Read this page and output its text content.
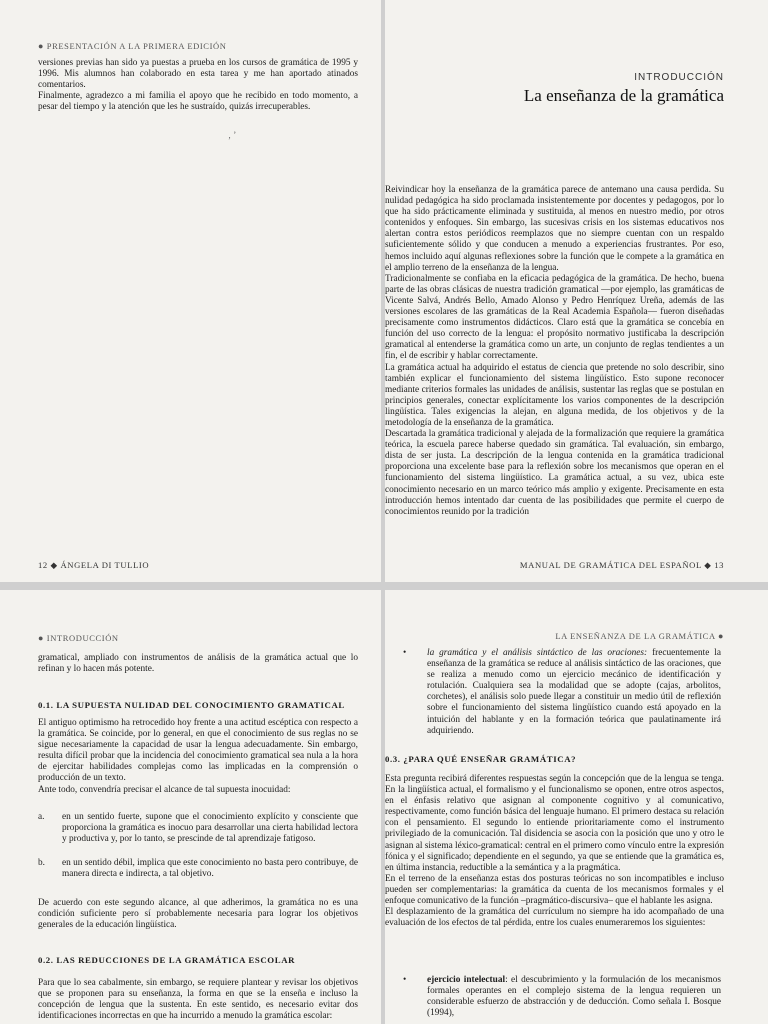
● PRESENTACIÓN A LA PRIMERA EDICIÓN

versiones previas han sido ya puestas a prueba en los cursos de gramática de 1995 y 1996. Mis alumnos han colaborado en esta tarea y me han aportado atinados comentarios.

Finalmente, agradezco a mi familia el apoyo que he recibido en todo momento, a pesar del tiempo y la atención que les he sustraído, quizás irrecuperables.

‚ ’
12 ◆ ÁNGELA DI TULLIO
INTRODUCCIÓN
La enseñanza de la gramática

Reivindicar hoy la enseñanza de la gramática parece de antemano una causa perdida. Su nulidad pedagógica ha sido proclamada insistentemente por docentes y pedagogos, por lo que ha sido prácticamente eliminada y sustituida, al menos en nuestro medio, por otros contenidos y enfoques. Sin embargo, las sucesivas crisis en los sistemas educativos nos alertan contra estos periódicos reemplazos que no siempre cuentan con un respaldo suficientemente sólido y que conducen a menudo a experiencias frustrantes. Por eso, hemos incluido aquí algunas reflexiones sobre la función que le compete a la gramática en el amplio terreno de la enseñanza de la lengua.

Tradicionalmente se confiaba en la eficacia pedagógica de la gramática. De hecho, buena parte de las obras clásicas de nuestra tradición gramatical —por ejemplo, las gramáticas de Vicente Salvá, Andrés Bello, Amado Alonso y Pedro Henríquez Ureña, además de las versiones escolares de las gramáticas de la Real Academia Española— fueron diseñadas precisamente como instrumentos didácticos. Claro está que la gramática se concebía en función del uso correcto de la lengua: el propósito normativo justificaba la descripción gramatical al entenderse la gramática como un arte, un conjunto de reglas tendientes a un fin, el de escribir y hablar correctamente.

La gramática actual ha adquirido el estatus de ciencia que pretende no solo describir, sino también explicar el funcionamiento del sistema lingüístico. Esto supone reconocer mediante criterios formales las unidades de análisis, sustentar las reglas que se postulan en principios generales, conectar explícitamente los varios componentes de la descripción lingüística. Tales exigencias la alejan, en alguna medida, de los objetivos y de la metodología de la enseñanza de la gramática.

Descartada la gramática tradicional y alejada de la formalización que requiere la gramática teórica, la escuela parece haberse quedado sin gramática. Tal evaluación, sin embargo, dista de ser justa. La descripción de la lengua contenida en la gramática tradicional proporciona una excelente base para la reflexión sobre los mecanismos que operan en el funcionamiento del sistema lingüístico. La gramática actual, a su vez, ubica este conocimiento necesario en un marco teórico más amplio y exigente. Precisamente en esta introducción hemos intentado dar cuenta de las posibilidades que permite el cuerpo de conocimientos reunido por la tradición

MANUAL DE GRAMÁTICA DEL ESPAÑOL ◆ 13
● INTRODUCCIÓN
gramatical, ampliado con instrumentos de análisis de la gramática actual que lo refinan y lo hacen más potente.
0.1. LA SUPUESTA NULIDAD DEL CONOCIMIENTO GRAMATICAL

El antiguo optimismo ha retrocedido hoy frente a una actitud escéptica con respecto a la gramática. Se coincide, por lo general, en que el conocimiento de sus reglas no se sigue necesariamente la capacidad de usar la lengua adecuadamente. Sin embargo, resulta difícil probar que la incidencia del conocimiento gramatical sea nula a la hora de ejercitar habilidades complejas como las implicadas en la comprensión o producción de un texto.

Ante todo, convendría precisar el alcance de tal supuesta inocuidad:

a. en un sentido fuerte, supone que el conocimiento explícito y consciente que proporciona la gramática es inocuo para desarrollar una cierta habilidad lectora y productiva y, por lo tanto, se prescinde de tal aprendizaje fatigoso.
b. en un sentido débil, implica que este conocimiento no basta pero contribuye, de manera directa e indirecta, a tal objetivo.
De acuerdo con este segundo alcance, al que adherimos, la gramática no es una condición suficiente pero sí probablemente necesaria para lograr los objetivos generales de la educación lingüística.
0.2. LAS REDUCCIONES DE LA GRAMÁTICA ESCOLAR
Para que lo sea cabalmente, sin embargo, se requiere plantear y revisar los objetivos que se proponen para su enseñanza, la forma en que se la enseña e incluso la concepción de lengua que la sustenta. En este sentido, es necesario evitar dos identificaciones incorrectas en que ha incurrido a menudo la gramática escolar:
LA ENSEÑANZA DE LA GRAMÁTICA ●
• la gramática y el análisis sintáctico de las oraciones: frecuentemente la enseñanza de la gramática se reduce al análisis sintáctico de las oraciones, que se realiza a menudo como un ejercicio mecánico de identificación y rotulación. Cualquiera sea la modalidad que se adopte (cajas, arbolitos, corchetes), el análisis solo puede llegar a constituir un medio útil de reflexión sobre el funcionamiento del sistema lingüístico cuando está apoyado en la intuición del hablante y en la formación teórica que paulatinamente irá adquiriendo.
0.3. ¿PARA QUÉ ENSEÑAR GRAMÁTICA?

Esta pregunta recibirá diferentes respuestas según la concepción que de la lengua se tenga. En la lingüística actual, el formalismo y el funcionalismo se oponen, entre otros aspectos, en el énfasis relativo que asignan al componente cognitivo y al comunicativo, respectivamente, como función básica del lenguaje humano. El primero destaca su relación con el pensamiento. El segundo lo entiende prioritariamente como el instrumento privilegiado de la comunicación. Tal disidencia se asocia con la posición que uno y otro le asignan al sistema léxico-gramatical: central en el primero como vínculo entre la expresión fónica y el significado; dependiente en el segundo, ya que se entiende que la gramática es, en última instancia, reductible a la semántica y a la pragmática.

En el terreno de la enseñanza estas dos posturas teóricas no son incompatibles e incluso pueden ser complementarias: la gramática da cuenta de los mecanismos formales y el enfoque comunicativo de la función –pragmático-discursiva– que el hablante les asigna.

El desplazamiento de la gramática del currículum no siempre ha ido acompañado de una evaluación de los efectos de tal pérdida, entre los cuales enumeraremos los siguientes:

• ejercicio intelectual: el descubrimiento y la formulación de los mecanismos formales operantes en el complejo sistema de la lengua requieren un considerable esfuerzo de abstracción y de deducción. Como señala I. Bosque (1994),
